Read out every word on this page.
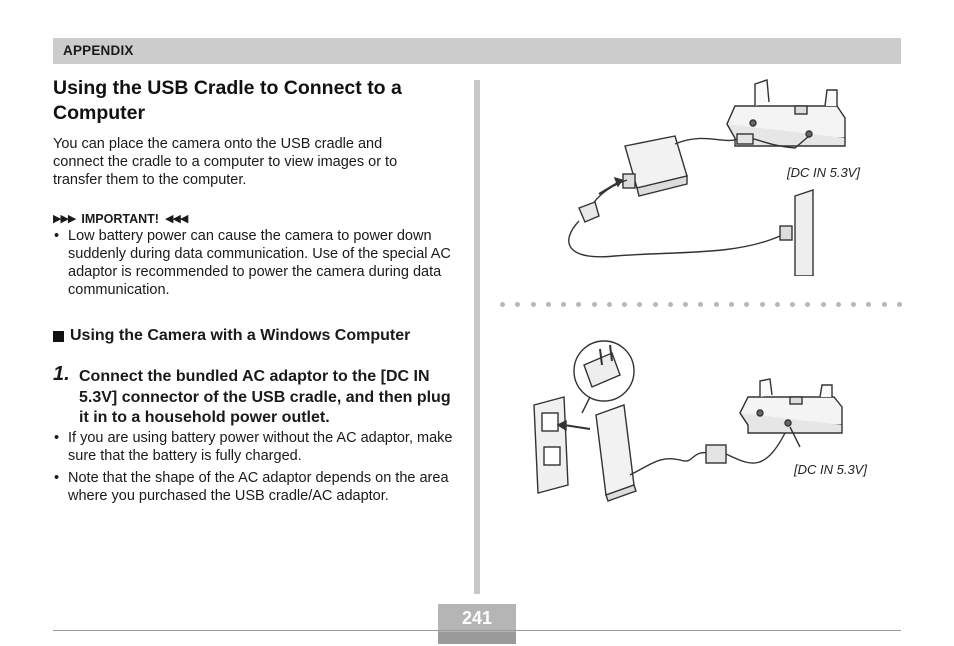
APPENDIX
Using the USB Cradle to Connect to a Computer

You can place the camera onto the USB cradle and connect the cradle to a computer to view images or to transfer them to the computer.

▶▶▶ IMPORTANT! ◀◀◀
• Low battery power can cause the camera to power down suddenly during data communication. Use of the special AC adaptor is recommended to power the camera during data communication.
Using the Camera with a Windows Computer
1. Connect the bundled AC adaptor to the [DC IN 5.3V] connector of the USB cradle, and then plug it in to a household power outlet.
• If you are using battery power without the AC adaptor, make sure that the battery is fully charged.
• Note that the shape of the AC adaptor depends on the area where you purchased the USB cradle/AC adaptor.
[DC IN 5.3V]
[DC IN 5.3V]
241
